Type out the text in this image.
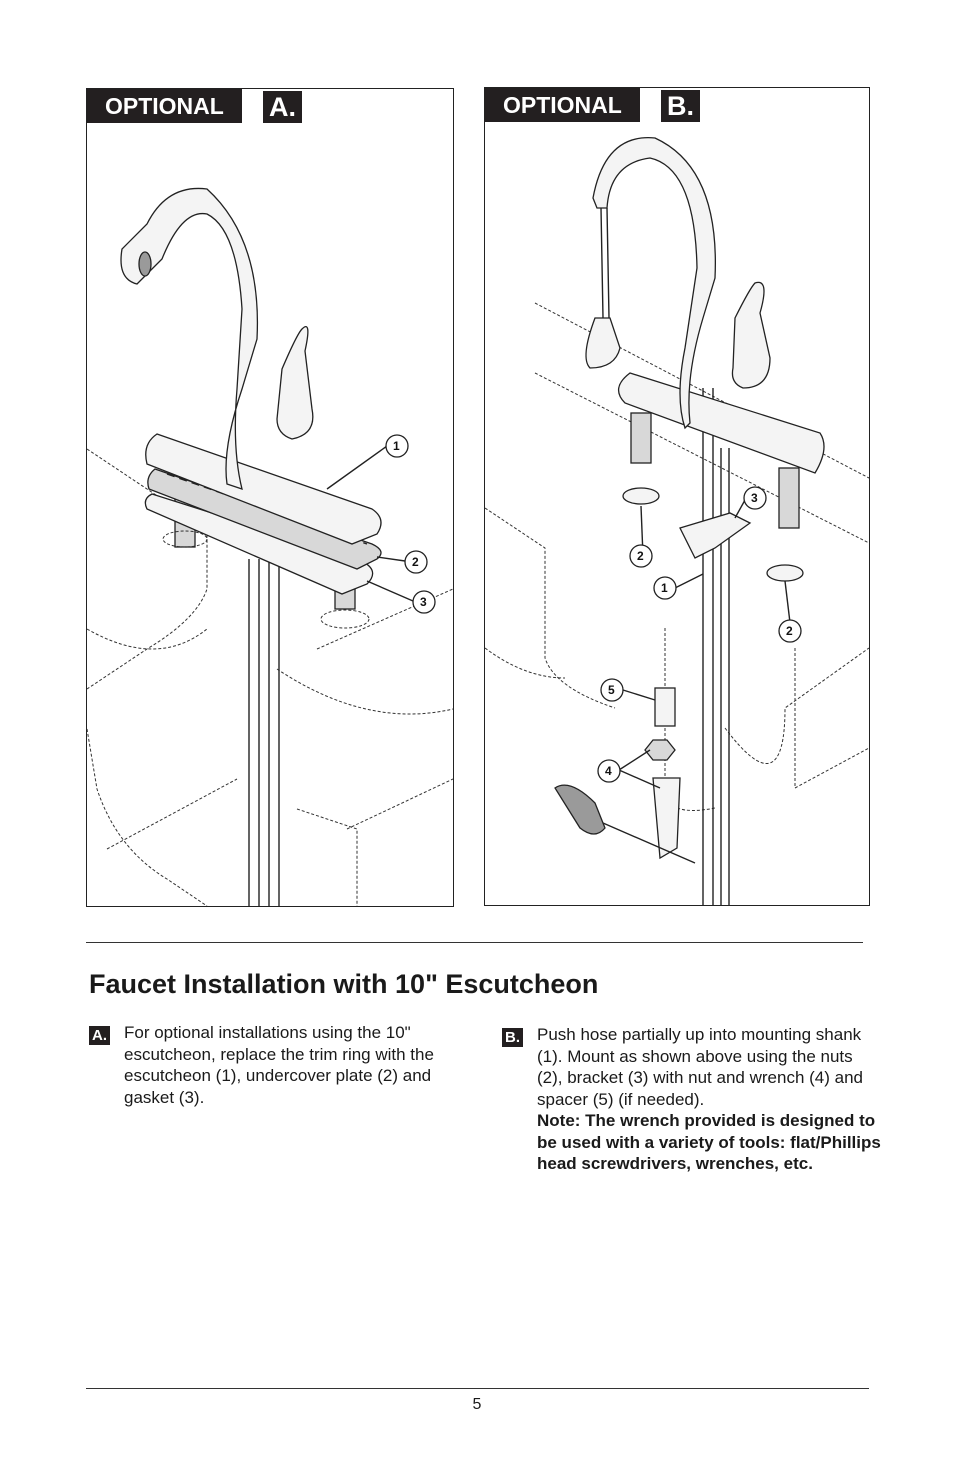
OPTIONAL	A.
1
2
3
OPTIONAL	B.
3
2
1
2
5
4
Faucet Installation with 10" Escutcheon
A. For optional installations using the 10" escutcheon, replace the trim ring with the escutcheon (1), undercover plate (2) and gasket (3).
B. Push hose partially up into mounting shank (1). Mount as shown above using the nuts (2), bracket (3) with nut and wrench (4) and spacer (5) (if needed).
Note: The wrench provided is designed to be used with a variety of tools: flat/Phillips head screwdrivers, wrenches, etc.
5
